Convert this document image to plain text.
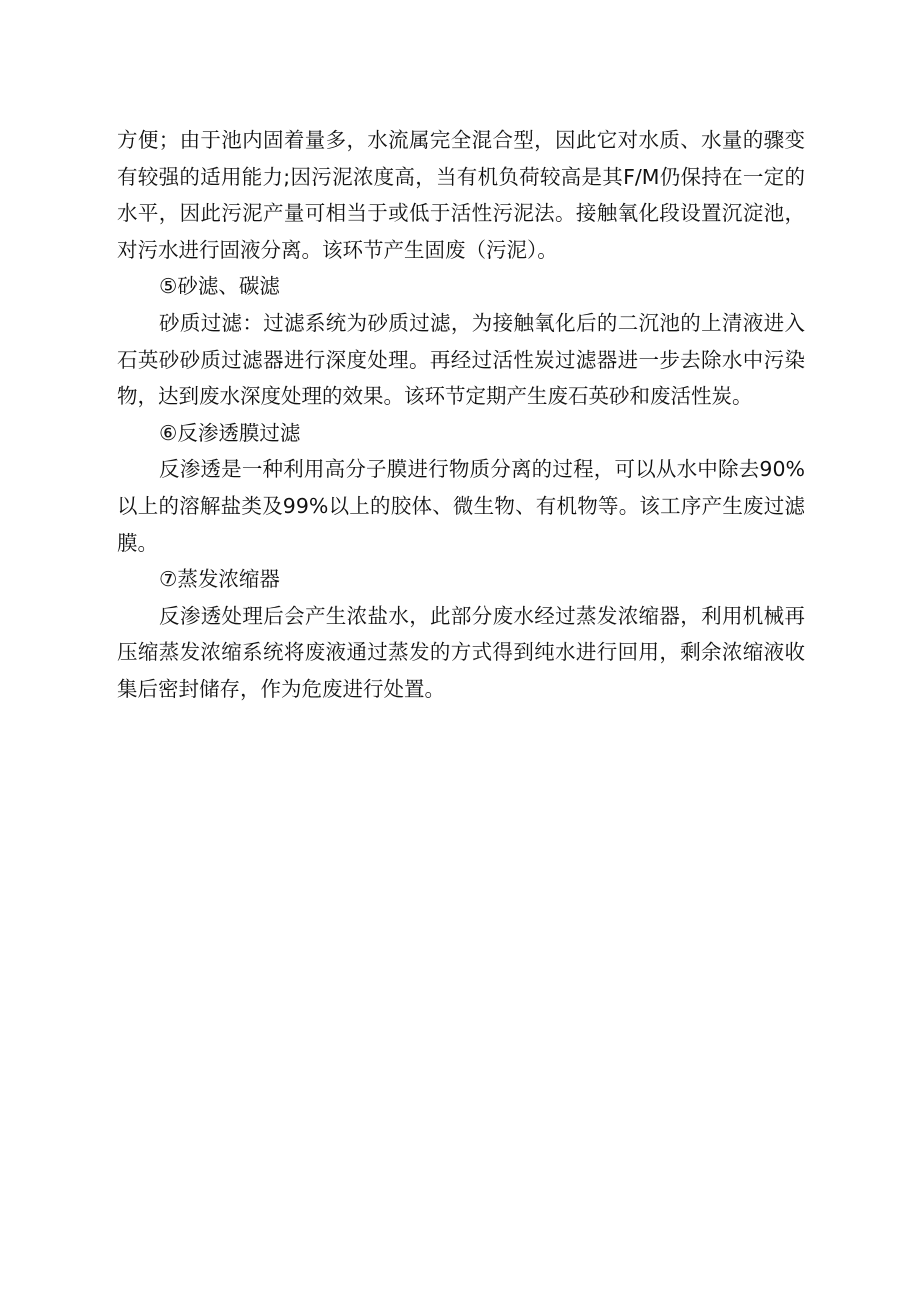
方便；由于池内固着量多，水流属完全混合型，因此它对水质、水量的骤变有较强的适用能力;因污泥浓度高，当有机负荷较高是其F/M仍保持在一定的水平，因此污泥产量可相当于或低于活性污泥法。接触氧化段设置沉淀池，对污水进行固液分离。该环节产生固废（污泥）。

⑤砂滤、碳滤

砂质过滤：过滤系统为砂质过滤，为接触氧化后的二沉池的上清液进入石英砂砂质过滤器进行深度处理。再经过活性炭过滤器进一步去除水中污染物，达到废水深度处理的效果。该环节定期产生废石英砂和废活性炭。

⑥反渗透膜过滤

反渗透是一种利用高分子膜进行物质分离的过程，可以从水中除去90%以上的溶解盐类及99%以上的胶体、微生物、有机物等。该工序产生废过滤膜。

⑦蒸发浓缩器

反渗透处理后会产生浓盐水，此部分废水经过蒸发浓缩器，利用机械再压缩蒸发浓缩系统将废液通过蒸发的方式得到纯水进行回用，剩余浓缩液收集后密封储存，作为危废进行处置。
